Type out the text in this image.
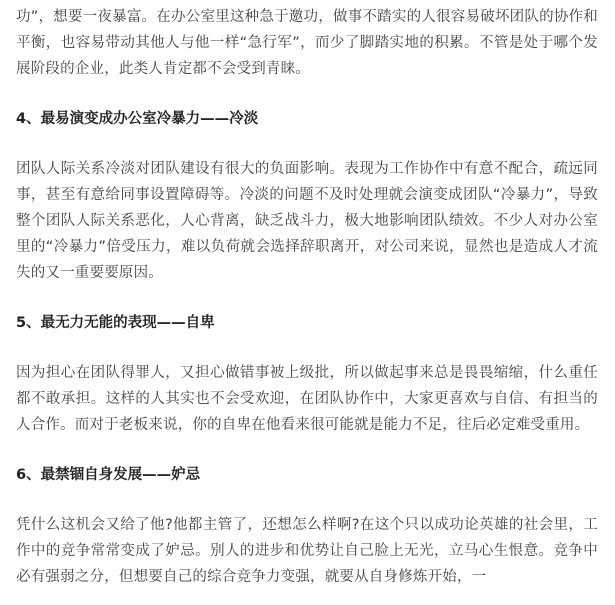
功”，想要一夜暴富。在办公室里这种急于邀功，做事不踏实的人很容易破坏团队的协作和平衡，也容易带动其他人与他一样“急行军”，而少了脚踏实地的积累。不管是处于哪个发展阶段的企业，此类人肯定都不会受到青睐。

4、最易演变成办公室冷暴力——冷淡

团队人际关系冷淡对团队建设有很大的负面影响。表现为工作协作中有意不配合，疏远同事，甚至有意给同事设置障碍等。冷淡的问题不及时处理就会演变成团队“冷暴力”，导致整个团队人际关系恶化，人心背离，缺乏战斗力，极大地影响团队绩效。不少人对办公室里的“冷暴力”倍受压力，难以负荷就会选择辞职离开，对公司来说，显然也是造成人才流失的又一重要要原因。

5、最无力无能的表现——自卑

因为担心在团队得罪人，又担心做错事被上级批，所以做起事来总是畏畏缩缩，什么重任都不敢承担。这样的人其实也不会受欢迎，在团队协作中，大家更喜欢与自信、有担当的人合作。而对于老板来说，你的自卑在他看来很可能就是能力不足，往后必定难受重用。

6、最禁锢自身发展——妒忌

凭什么这机会又给了他?他都主管了，还想怎么样啊?在这个只以成功论英雄的社会里，工作中的竞争常常变成了妒忌。别人的进步和优势让自己脸上无光，立马心生恨意。竞争中必有强弱之分，但想要自己的综合竞争力变强，就要从自身修炼开始，一
